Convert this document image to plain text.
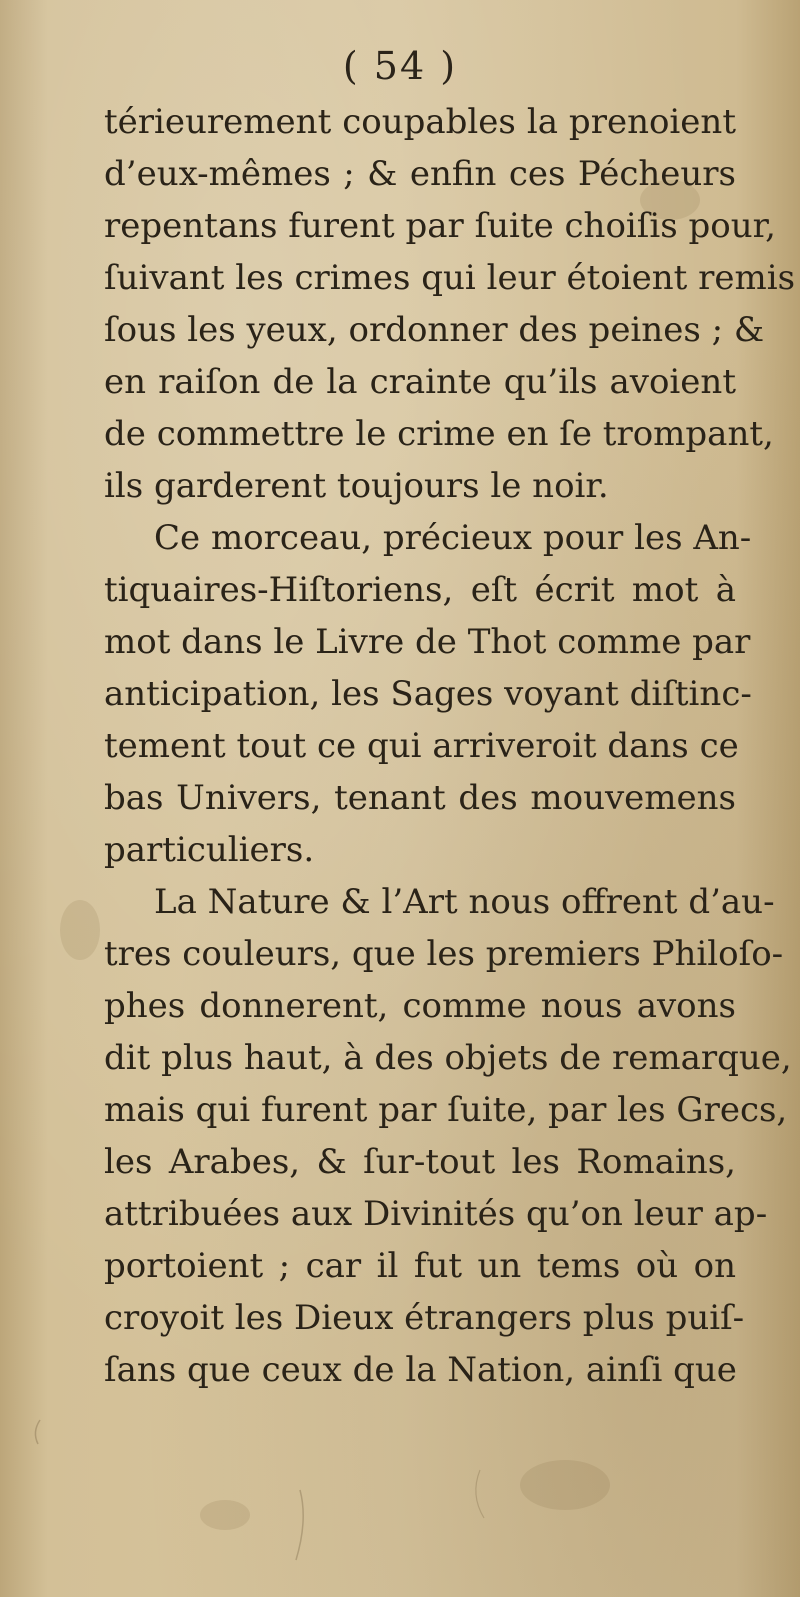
( 54 )
térieurement coupables la prenoient
d’eux-mêmes ; & enfin ces Pécheurs
repentans furent par ſuite choiſis pour,
ſuivant les crimes qui leur étoient remis
ſous les yeux, ordonner des peines ; &
en raiſon de la crainte qu’ils avoient
de commettre le crime en ſe trompant,
ils garderent toujours le noir.
Ce morceau, précieux pour les An-
tiquaires-Hiſtoriens, eſt écrit mot à
mot dans le Livre de Thot comme par
anticipation, les Sages voyant diſtinc-
tement tout ce qui arriveroit dans ce
bas Univers, tenant des mouvemens
particuliers.
La Nature & l’Art nous offrent d’au-
tres couleurs, que les premiers Philoſo-
phes donnerent, comme nous avons
dit plus haut, à des objets de remarque,
mais qui furent par ſuite, par les Grecs,
les Arabes, & ſur-tout les Romains,
attribuées aux Divinités qu’on leur ap-
portoient ; car il fut un tems où on
croyoit les Dieux étrangers plus puiſ-
ſans que ceux de la Nation, ainſi que
